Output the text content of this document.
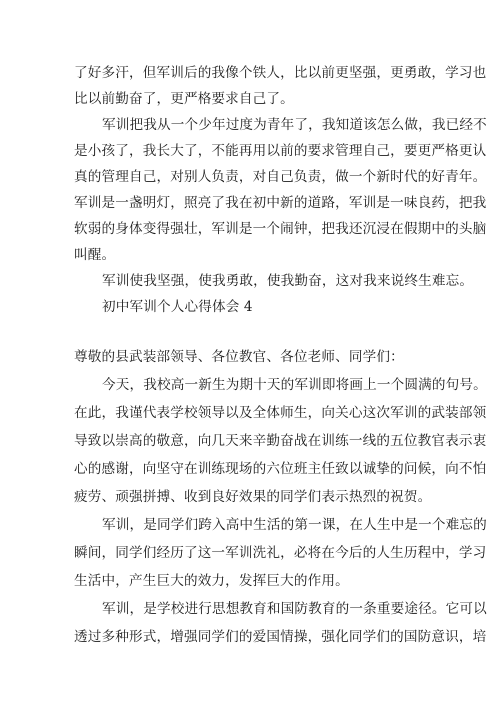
了好多汗，但军训后的我像个铁人，比以前更坚强，更勇敢，学习也
比以前勤奋了，更严格要求自己了。
军训把我从一个少年过度为青年了，我知道该怎么做，我已经不
是小孩了，我长大了，不能再用以前的要求管理自己，要更严格更认
真的管理自己，对别人负责，对自己负责，做一个新时代的好青年。
军训是一盏明灯，照亮了我在初中新的道路，军训是一味良药，把我
软弱的身体变得强壮，军训是一个闹钟，把我还沉浸在假期中的头脑
叫醒。
军训使我坚强，使我勇敢，使我勤奋，这对我来说终生难忘。
初中军训个人心得体会 4
尊敬的县武装部领导、各位教官、各位老师、同学们：
今天，我校高一新生为期十天的军训即将画上一个圆满的句号。
在此，我谨代表学校领导以及全体师生，向关心这次军训的武装部领
导致以崇高的敬意，向几天来辛勤奋战在训练一线的五位教官表示衷
心的感谢，向坚守在训练现场的六位班主任致以诚挚的问候，向不怕
疲劳、顽强拼搏、收到良好效果的同学们表示热烈的祝贺。
军训，是同学们跨入高中生活的第一课，在人生中是一个难忘的
瞬间，同学们经历了这一军训洗礼，必将在今后的人生历程中，学习
生活中，产生巨大的效力，发挥巨大的作用。
军训，是学校进行思想教育和国防教育的一条重要途径。它可以
透过多种形式，增强同学们的爱国情操，强化同学们的国防意识，培
